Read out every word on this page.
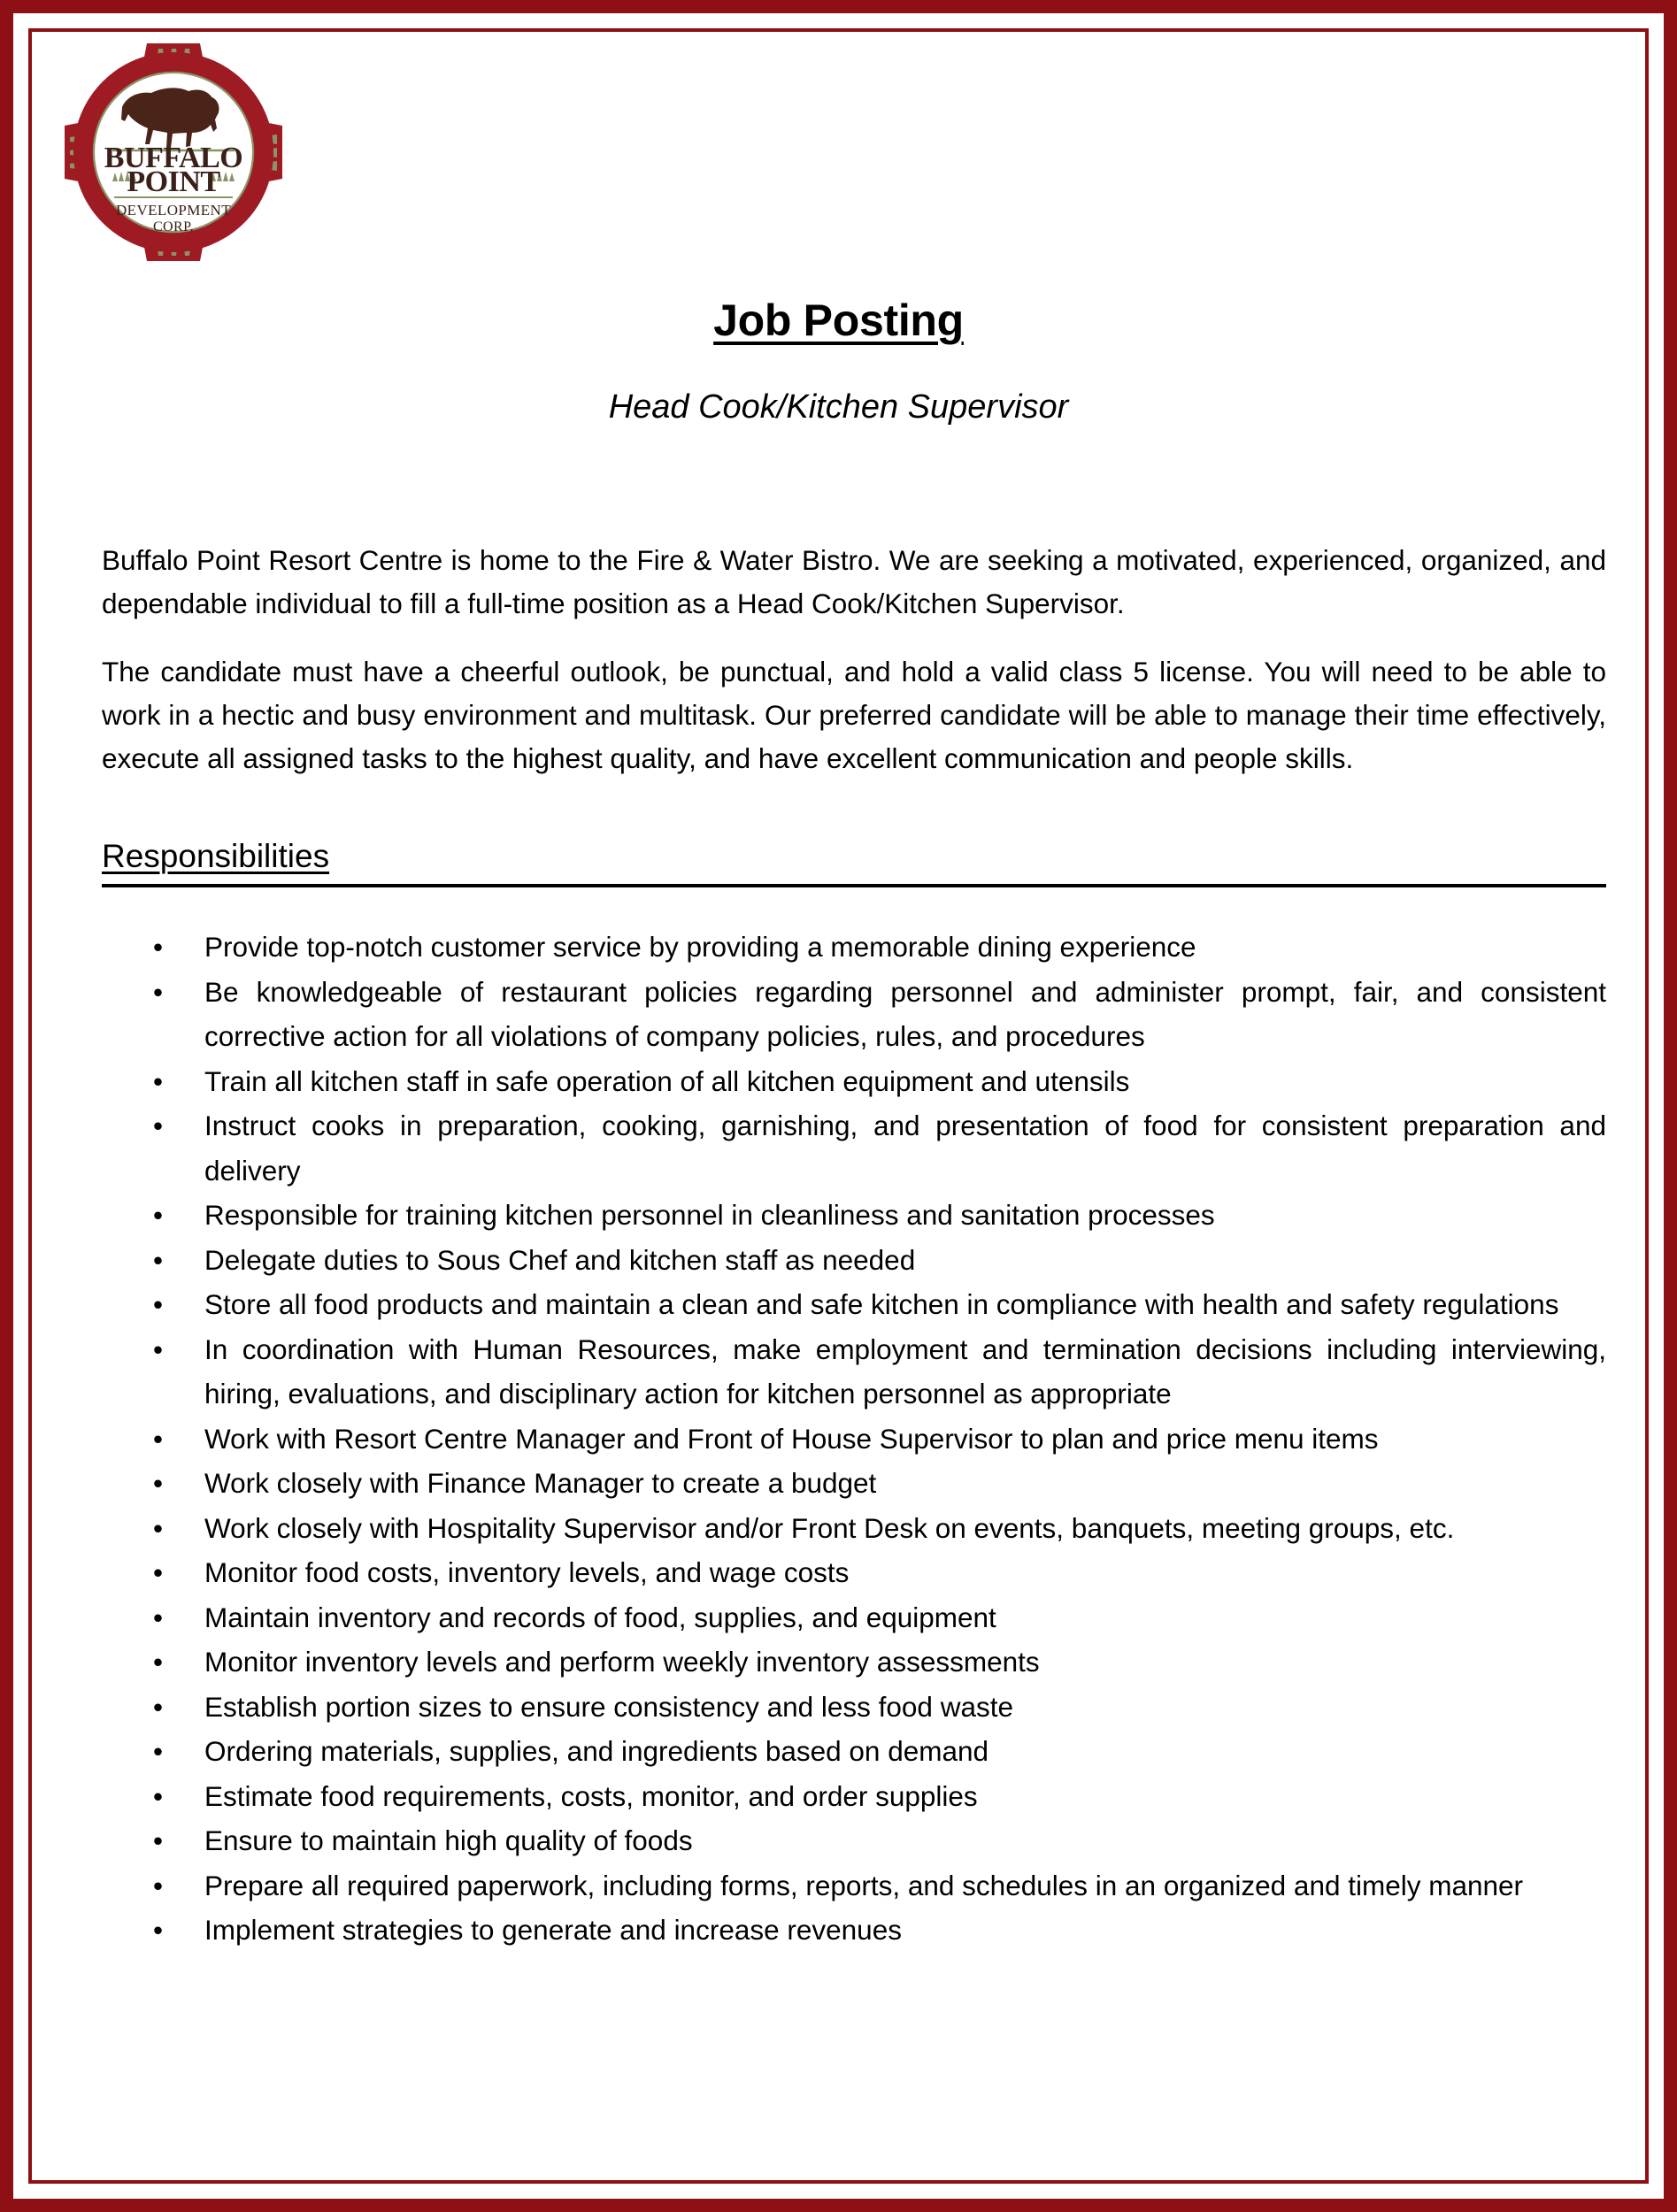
BUFFALO
POINT
DEVELOPMENT
CORP.
Job Posting
Head Cook/Kitchen Supervisor
Buffalo Point Resort Centre is home to the Fire & Water Bistro. We are seeking a motivated, experienced, organized, and dependable individual to fill a full-time position as a Head Cook/Kitchen Supervisor.
The candidate must have a cheerful outlook, be punctual, and hold a valid class 5 license. You will need to be able to work in a hectic and busy environment and multitask. Our preferred candidate will be able to manage their time effectively, execute all assigned tasks to the highest quality, and have excellent communication and people skills.
Responsibilities
• Provide top-notch customer service by providing a memorable dining experience
• Be knowledgeable of restaurant policies regarding personnel and administer prompt, fair, and consistent corrective action for all violations of company policies, rules, and procedures
• Train all kitchen staff in safe operation of all kitchen equipment and utensils
• Instruct cooks in preparation, cooking, garnishing, and presentation of food for consistent preparation and delivery
• Responsible for training kitchen personnel in cleanliness and sanitation processes
• Delegate duties to Sous Chef and kitchen staff as needed
• Store all food products and maintain a clean and safe kitchen in compliance with health and safety regulations
• In coordination with Human Resources, make employment and termination decisions including interviewing, hiring, evaluations, and disciplinary action for kitchen personnel as appropriate
• Work with Resort Centre Manager and Front of House Supervisor to plan and price menu items
• Work closely with Finance Manager to create a budget
• Work closely with Hospitality Supervisor and/or Front Desk on events, banquets, meeting groups, etc.
• Monitor food costs, inventory levels, and wage costs
• Maintain inventory and records of food, supplies, and equipment
• Monitor inventory levels and perform weekly inventory assessments
• Establish portion sizes to ensure consistency and less food waste
• Ordering materials, supplies, and ingredients based on demand
• Estimate food requirements, costs, monitor, and order supplies
• Ensure to maintain high quality of foods
• Prepare all required paperwork, including forms, reports, and schedules in an organized and timely manner
• Implement strategies to generate and increase revenues
